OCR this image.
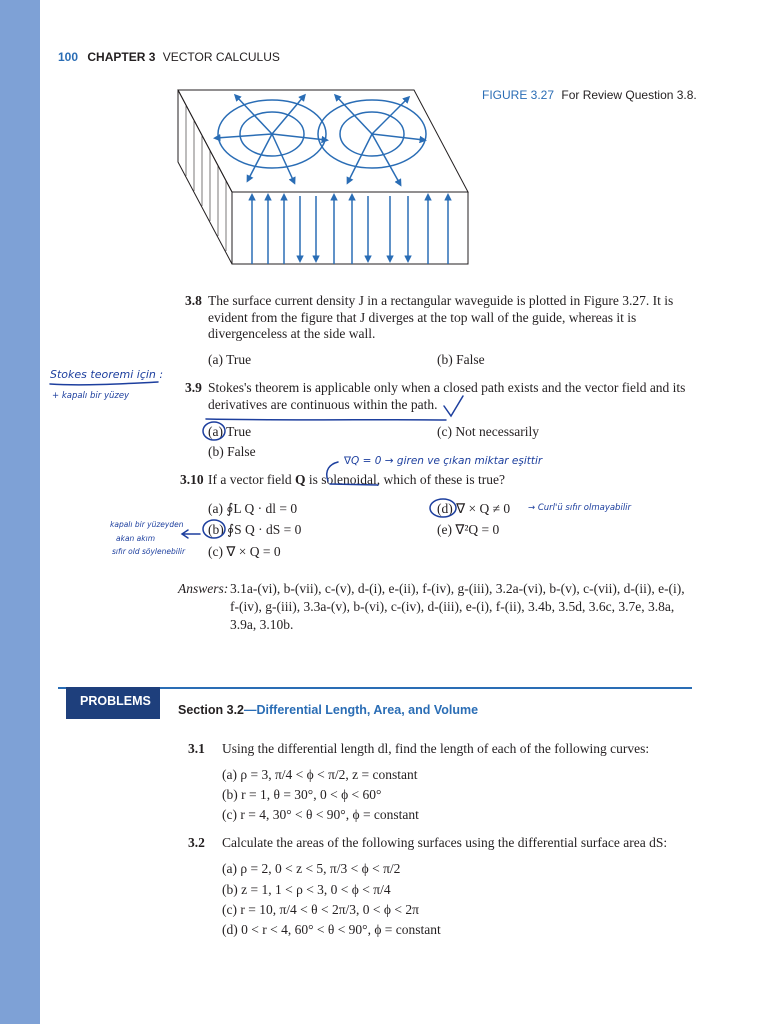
100 CHAPTER 3 VECTOR CALCULUS
FIGURE 3.27 For Review Question 3.8.
3.8 The surface current density J in a rectangular waveguide is plotted in Figure 3.27. It is evident from the figure that J diverges at the top wall of the guide, whereas it is divergenceless at the side wall.
(a) True	(b) False
3.9 Stokes's theorem is applicable only when a closed path exists and the vector field and its derivatives are continuous within the path.
(a) True	(c) Not necessarily
(b) False
3.10 If a vector field Q is solenoidal, which of these is true?
(a) ∮L Q · dl = 0	(d) ∇ × Q ≠ 0
(b) ∮S Q · dS = 0	(e) ∇²Q = 0
(c) ∇ × Q = 0
Answers: 3.1a-(vi), b-(vii), c-(v), d-(i), e-(ii), f-(iv), g-(iii), 3.2a-(vi), b-(v), c-(vii), d-(ii), e-(i),
f-(iv), g-(iii), 3.3a-(v), b-(vi), c-(iv), d-(iii), e-(i), f-(ii), 3.4b, 3.5d, 3.6c, 3.7e, 3.8a,
3.9a, 3.10b.
PROBLEMS
Section 3.2—Differential Length, Area, and Volume
3.1 Using the differential length dl, find the length of each of the following curves:
(a) ρ = 3, π/4 < ϕ < π/2, z = constant
(b) r = 1, θ = 30°, 0 < ϕ < 60°
(c) r = 4, 30° < θ < 90°, ϕ = constant
3.2 Calculate the areas of the following surfaces using the differential surface area dS:
(a) ρ = 2, 0 < z < 5, π/3 < ϕ < π/2
(b) z = 1, 1 < ρ < 3, 0 < ϕ < π/4
(c) r = 10, π/4 < θ < 2π/3, 0 < ϕ < 2π
(d) 0 < r < 4, 60° < θ < 90°, ϕ = constant
Stokes teoremi için :
+ kapalı bir yüzey
∇Q = 0 → giren ve çıkan miktar eşittir
→ Curl'ü sıfır olmayabilir
kapalı bir yüzeyden
akan akım
sıfır old söylenebilir
